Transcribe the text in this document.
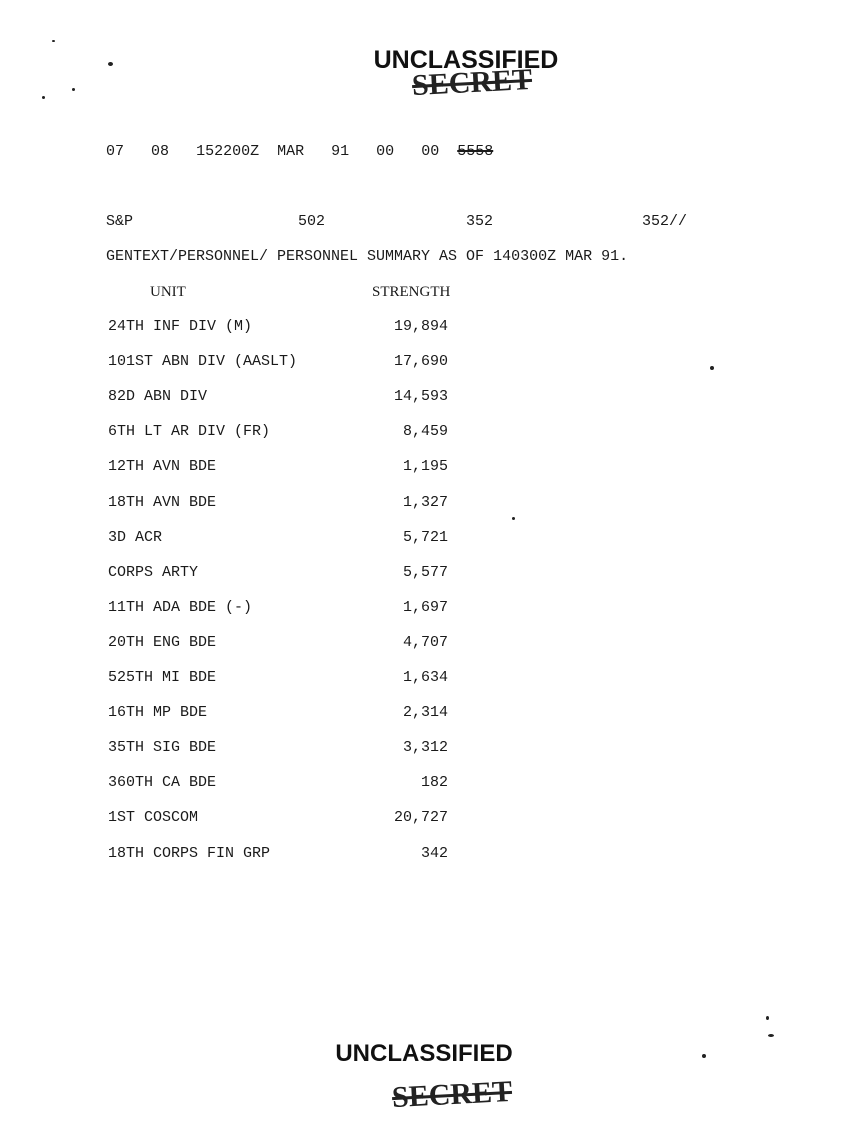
UNCLASSIFIED
SECRET
07 08 152200Z MAR 91 00 00 5558
S&P	502	352	352//
GENTEXT/PERSONNEL/ PERSONNEL SUMMARY AS OF 140300Z MAR 91.
UNIT	STRENGTH
24TH INF DIV (M)	19,894
101ST ABN DIV (AASLT)	17,690
82D ABN DIV	14,593
6TH LT AR DIV (FR)	8,459
12TH AVN BDE	1,195
18TH AVN BDE	1,327
3D ACR	5,721
CORPS ARTY	5,577
11TH ADA BDE (-)	1,697
20TH ENG BDE	4,707
525TH MI BDE	1,634
16TH MP BDE	2,314
35TH SIG BDE	3,312
360TH CA BDE	182
1ST COSCOM	20,727
18TH CORPS FIN GRP	342
UNCLASSIFIED
SECRET
